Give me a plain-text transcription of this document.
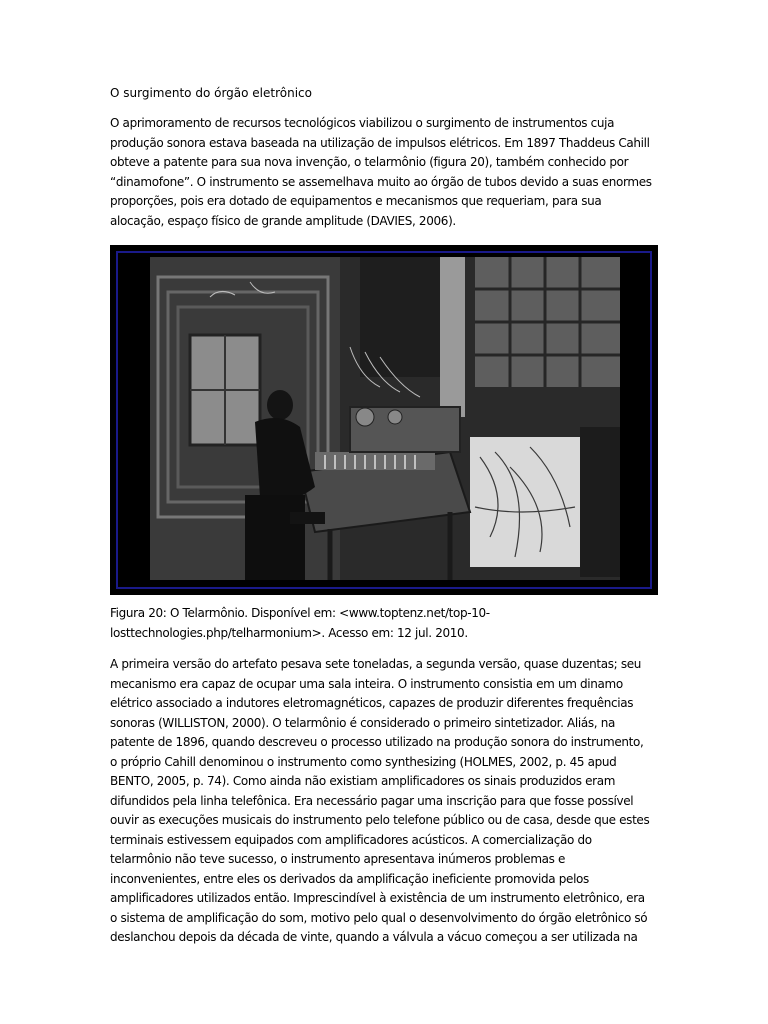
O surgimento do órgão eletrônico

O aprimoramento de recursos tecnológicos viabilizou o surgimento de instrumentos cuja
produção sonora estava baseada na utilização de impulsos elétricos. Em 1897 Thaddeus Cahill
obteve a patente para sua nova invenção, o telarmônio (figura 20), também conhecido por
“dinamofone”. O instrumento se assemelhava muito ao órgão de tubos devido a suas enormes
proporções, pois era dotado de equipamentos e mecanismos que requeriam, para sua
alocação, espaço físico de grande amplitude (DAVIES, 2006).

Figura 20: O Telarmônio. Disponível em: <www.toptenz.net/top-10-
losttechnologies.php/telharmonium>. Acesso em: 12 jul. 2010.

A primeira versão do artefato pesava sete toneladas, a segunda versão, quase duzentas; seu
mecanismo era capaz de ocupar uma sala inteira. O instrumento consistia em um dinamo
elétrico associado a indutores eletromagnéticos, capazes de produzir diferentes frequências
sonoras (WILLISTON, 2000). O telarmônio é considerado o primeiro sintetizador. Aliás, na
patente de 1896, quando descreveu o processo utilizado na produção sonora do instrumento,
o próprio Cahill denominou o instrumento como synthesizing (HOLMES, 2002, p. 45 apud
BENTO, 2005, p. 74). Como ainda não existiam amplificadores os sinais produzidos eram
difundidos pela linha telefônica. Era necessário pagar uma inscrição para que fosse possível
ouvir as execuções musicais do instrumento pelo telefone público ou de casa, desde que estes
terminais estivessem equipados com amplificadores acústicos. A comercialização do
telarmônio não teve sucesso, o instrumento apresentava inúmeros problemas e
inconvenientes, entre eles os derivados da amplificação ineficiente promovida pelos
amplificadores utilizados então. Imprescindível à existência de um instrumento eletrônico, era
o sistema de amplificação do som, motivo pelo qual o desenvolvimento do órgão eletrônico só
deslanchou depois da década de vinte, quando a válvula a vácuo começou a ser utilizada na
